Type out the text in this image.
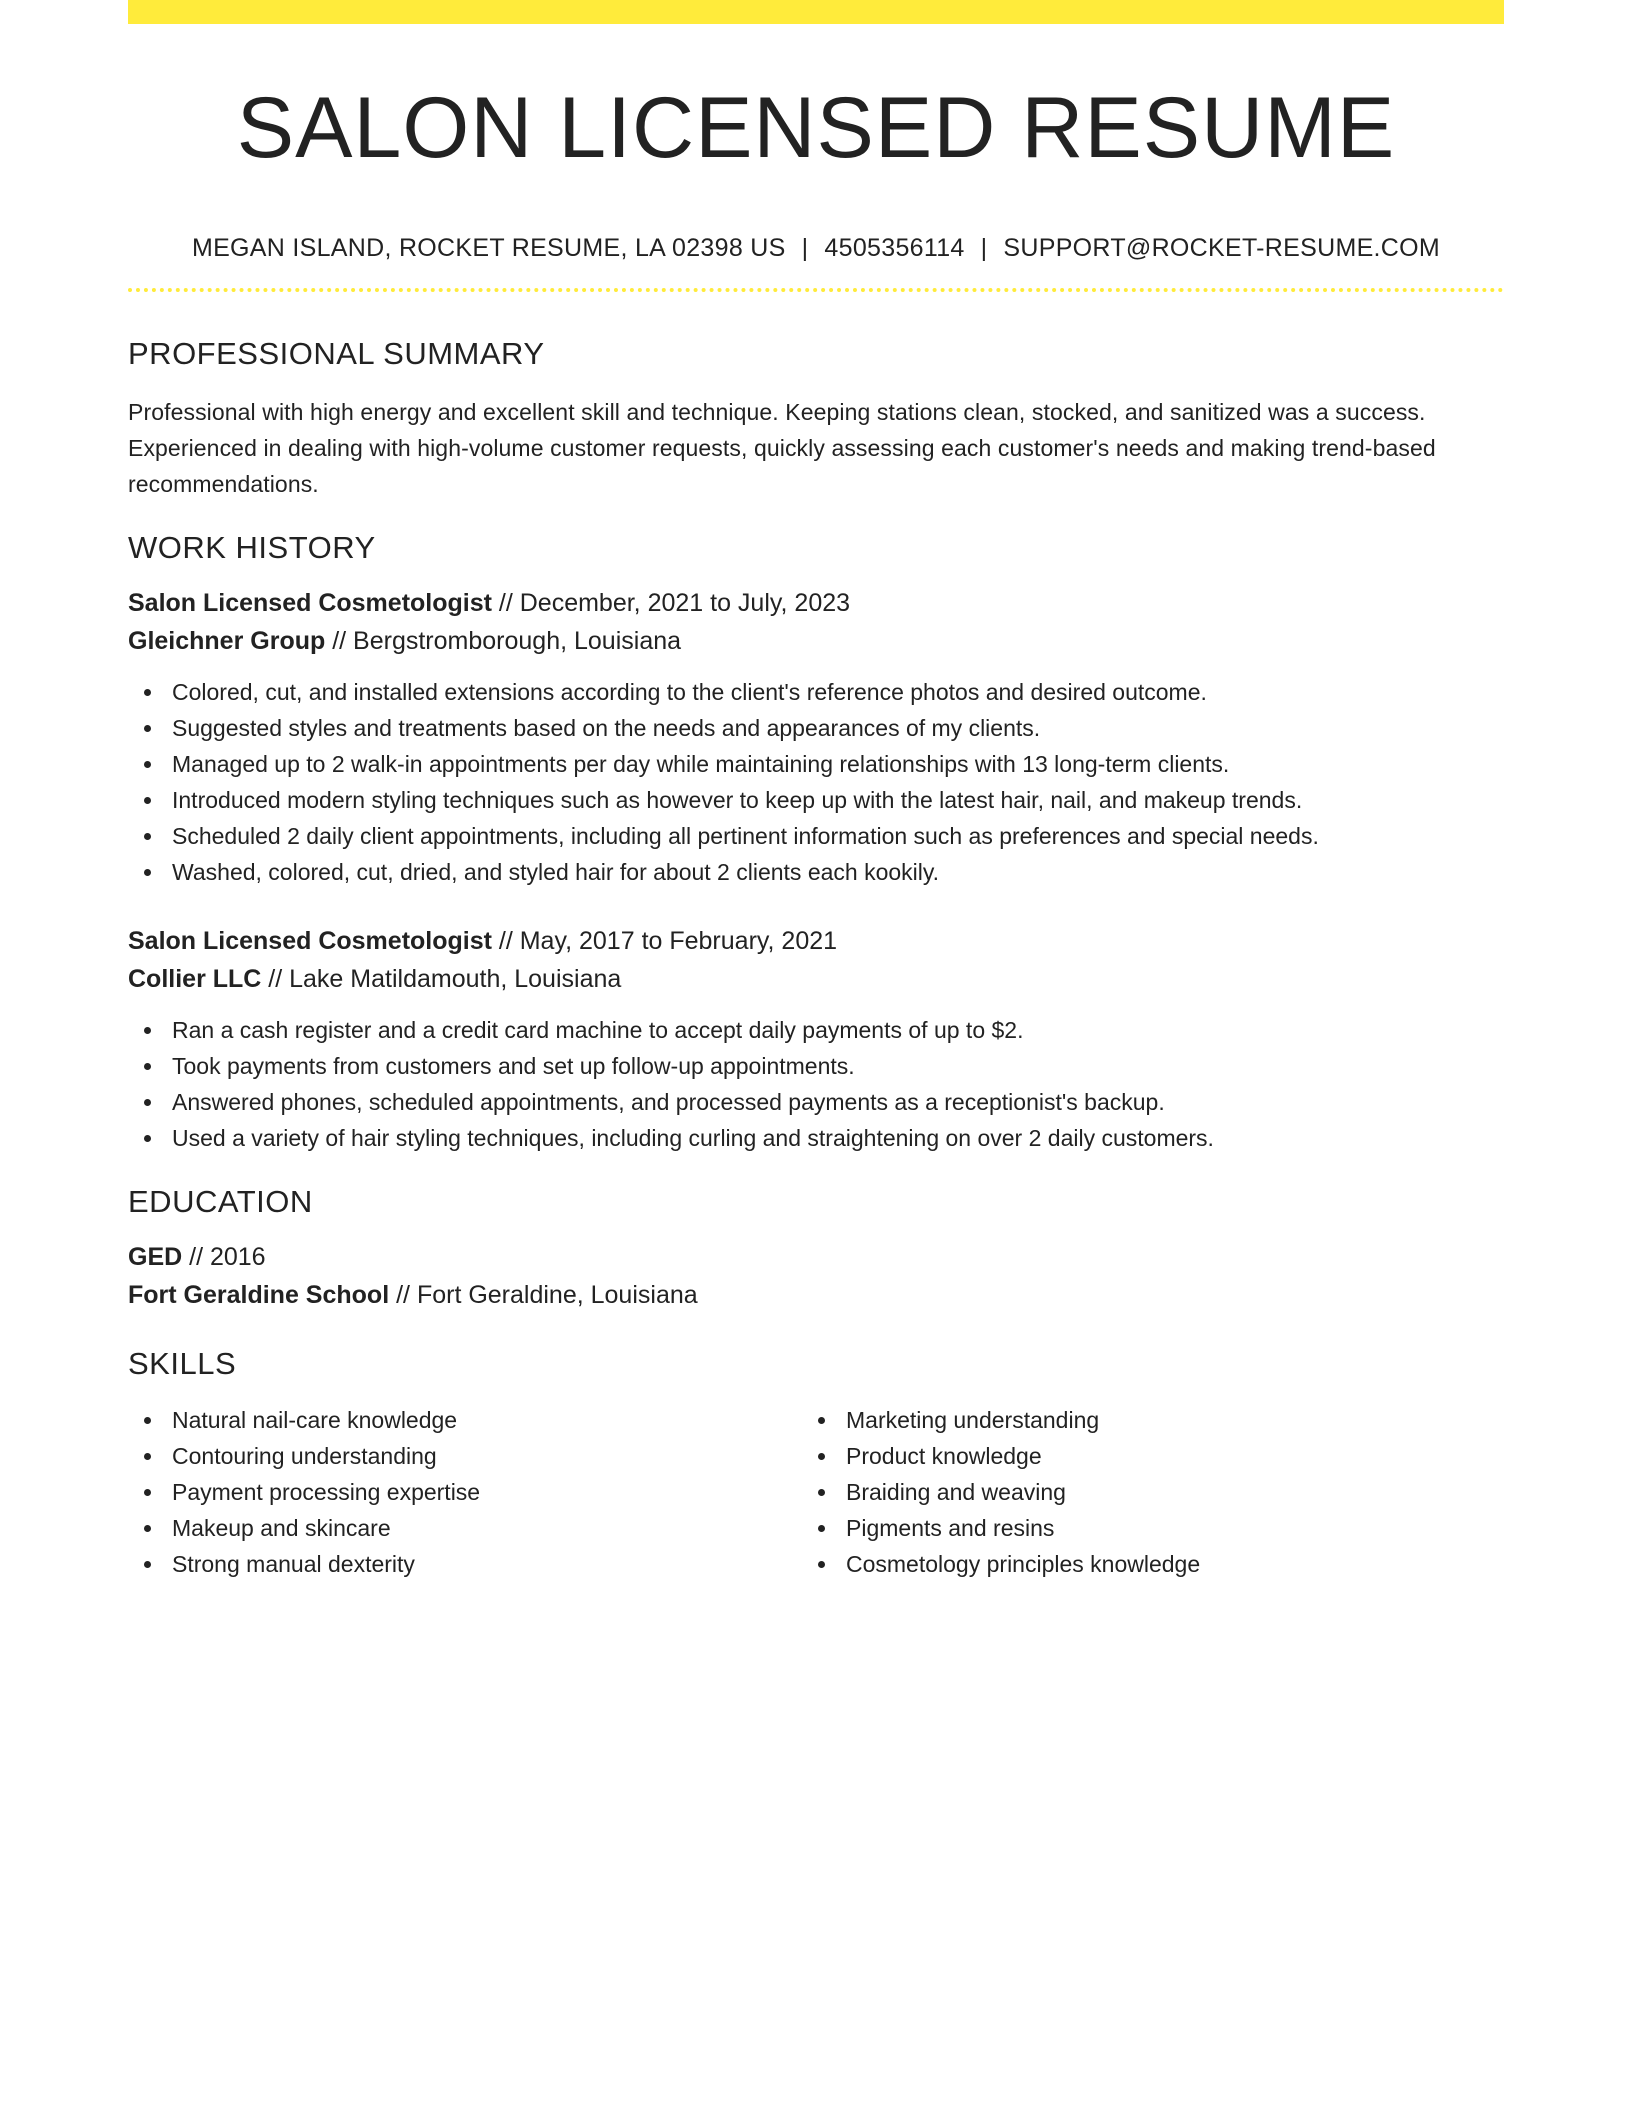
SALON LICENSED RESUME
MEGAN ISLAND, ROCKET RESUME, LA 02398 US | 4505356114 | SUPPORT@ROCKET-RESUME.COM
PROFESSIONAL SUMMARY

Professional with high energy and excellent skill and technique. Keeping stations clean, stocked, and sanitized was a success. Experienced in dealing with high-volume customer requests, quickly assessing each customer's needs and making trend-based recommendations.

WORK HISTORY
Salon Licensed Cosmetologist // December, 2021 to July, 2023
Gleichner Group // Bergstromborough, Louisiana
Colored, cut, and installed extensions according to the client's reference photos and desired outcome.
Suggested styles and treatments based on the needs and appearances of my clients.
Managed up to 2 walk-in appointments per day while maintaining relationships with 13 long-term clients.
Introduced modern styling techniques such as however to keep up with the latest hair, nail, and makeup trends.
Scheduled 2 daily client appointments, including all pertinent information such as preferences and special needs.
Washed, colored, cut, dried, and styled hair for about 2 clients each kookily.
Salon Licensed Cosmetologist // May, 2017 to February, 2021
Collier LLC // Lake Matildamouth, Louisiana
Ran a cash register and a credit card machine to accept daily payments of up to $2.
Took payments from customers and set up follow-up appointments.
Answered phones, scheduled appointments, and processed payments as a receptionist's backup.
Used a variety of hair styling techniques, including curling and straightening on over 2 daily customers.
EDUCATION
GED // 2016
Fort Geraldine School // Fort Geraldine, Louisiana
SKILLS
Natural nail-care knowledge
Contouring understanding
Payment processing expertise
Makeup and skincare
Strong manual dexterity
Marketing understanding
Product knowledge
Braiding and weaving
Pigments and resins
Cosmetology principles knowledge
